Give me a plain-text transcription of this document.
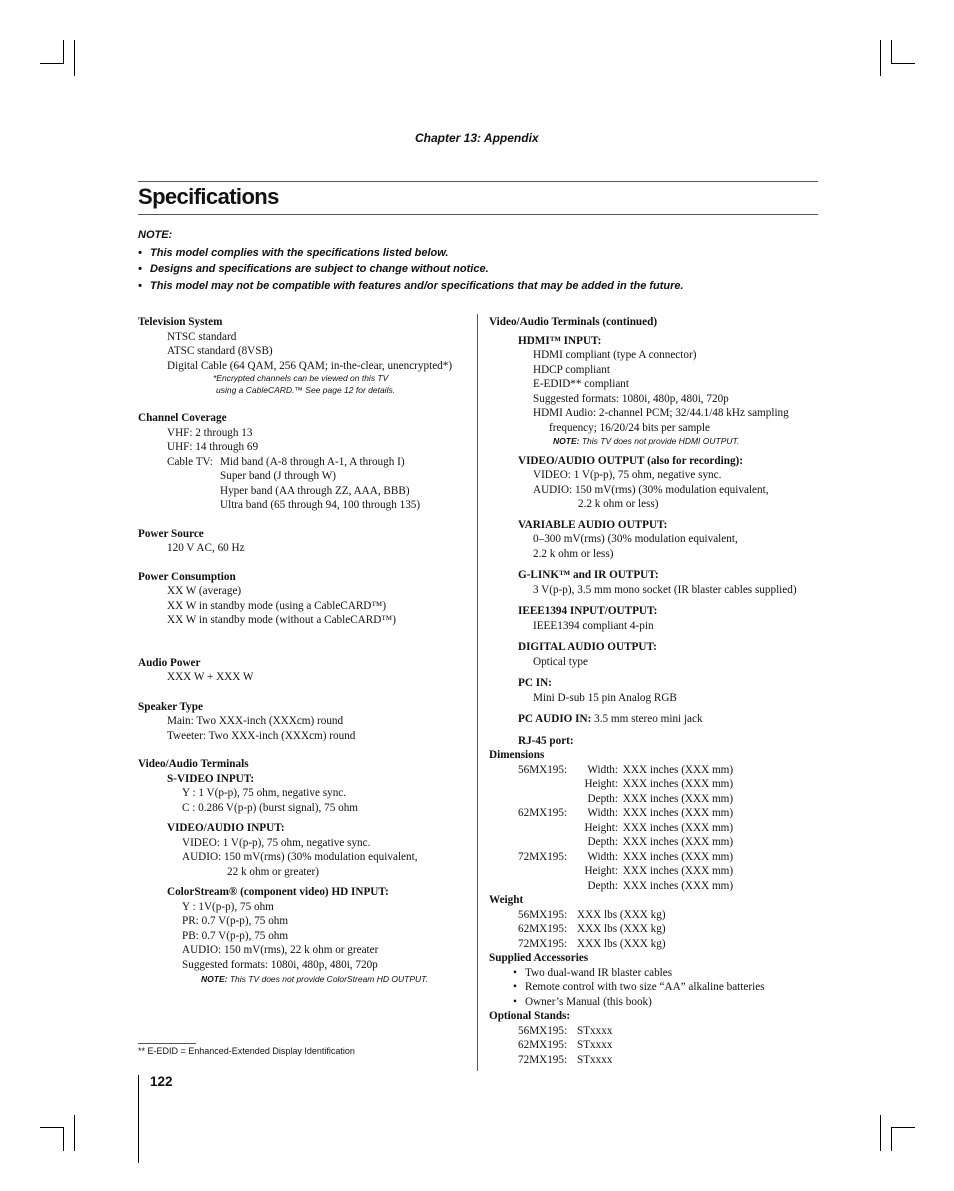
Chapter 13: Appendix
Specifications
NOTE:
• This model complies with the specifications listed below.
• Designs and specifications are subject to change without notice.
• This model may not be compatible with features and/or specifications that may be added in the future.
Television System
NTSC standard
ATSC standard (8VSB)
Digital Cable (64 QAM, 256 QAM; in-the-clear, unencrypted*)
*Encrypted channels can be viewed on this TV
using a CableCARD.™ See page 12 for details.
Channel Coverage
VHF: 2 through 13
UHF: 14 through 69
Cable TV: Mid band (A-8 through A-1, A through I)
Super band (J through W)
Hyper band (AA through ZZ, AAA, BBB)
Ultra band (65 through 94, 100 through 135)
Power Source
120 V AC, 60 Hz
Power Consumption
XX W (average)
XX W in standby mode (using a CableCARD™)
XX W in standby mode (without a CableCARD™)
Audio Power
XXX W + XXX W
Speaker Type
Main: Two XXX-inch (XXXcm) round
Tweeter: Two XXX-inch (XXXcm) round
Video/Audio Terminals
S-VIDEO INPUT:
Y : 1 V(p-p), 75 ohm, negative sync.
C : 0.286 V(p-p) (burst signal), 75 ohm
VIDEO/AUDIO INPUT:
VIDEO: 1 V(p-p), 75 ohm, negative sync.
AUDIO: 150 mV(rms) (30% modulation equivalent,
22 k ohm or greater)
ColorStream® (component video) HD INPUT:
Y : 1V(p-p), 75 ohm
PR: 0.7 V(p-p), 75 ohm
PB: 0.7 V(p-p), 75 ohm
AUDIO: 150 mV(rms), 22 k ohm or greater
Suggested formats: 1080i, 480p, 480i, 720p
NOTE: This TV does not provide ColorStream HD OUTPUT.
** E-EDID = Enhanced-Extended Display Identification
Video/Audio Terminals (continued)
HDMI™ INPUT:
HDMI compliant (type A connector)
HDCP compliant
E-EDID** compliant
Suggested formats: 1080i, 480p, 480i, 720p
HDMI Audio: 2-channel PCM; 32/44.1/48 kHz sampling
frequency; 16/20/24 bits per sample
NOTE: This TV does not provide HDMI OUTPUT.
VIDEO/AUDIO OUTPUT (also for recording):
VIDEO: 1 V(p-p), 75 ohm, negative sync.
AUDIO: 150 mV(rms) (30% modulation equivalent,
2.2 k ohm or less)
VARIABLE AUDIO OUTPUT:
0–300 mV(rms) (30% modulation equivalent,
2.2 k ohm or less)
G-LINK™ and IR OUTPUT:
3 V(p-p), 3.5 mm mono socket (IR blaster cables supplied)
IEEE1394 INPUT/OUTPUT:
IEEE1394 compliant 4-pin
DIGITAL AUDIO OUTPUT:
Optical type
PC IN:
Mini D-sub 15 pin Analog RGB
PC AUDIO IN: 3.5 mm stereo mini jack
RJ-45 port:
Dimensions
56MX195: Width: XXX inches (XXX mm)
Height: XXX inches (XXX mm)
Depth: XXX inches (XXX mm)
62MX195: Width: XXX inches (XXX mm)
Height: XXX inches (XXX mm)
Depth: XXX inches (XXX mm)
72MX195: Width: XXX inches (XXX mm)
Height: XXX inches (XXX mm)
Depth: XXX inches (XXX mm)
Weight
56MX195: XXX lbs (XXX kg)
62MX195: XXX lbs (XXX kg)
72MX195: XXX lbs (XXX kg)
Supplied Accessories
• Two dual-wand IR blaster cables
• Remote control with two size “AA” alkaline batteries
• Owner’s Manual (this book)
Optional Stands:
56MX195: STxxxx
62MX195: STxxxx
72MX195: STxxxx
122
